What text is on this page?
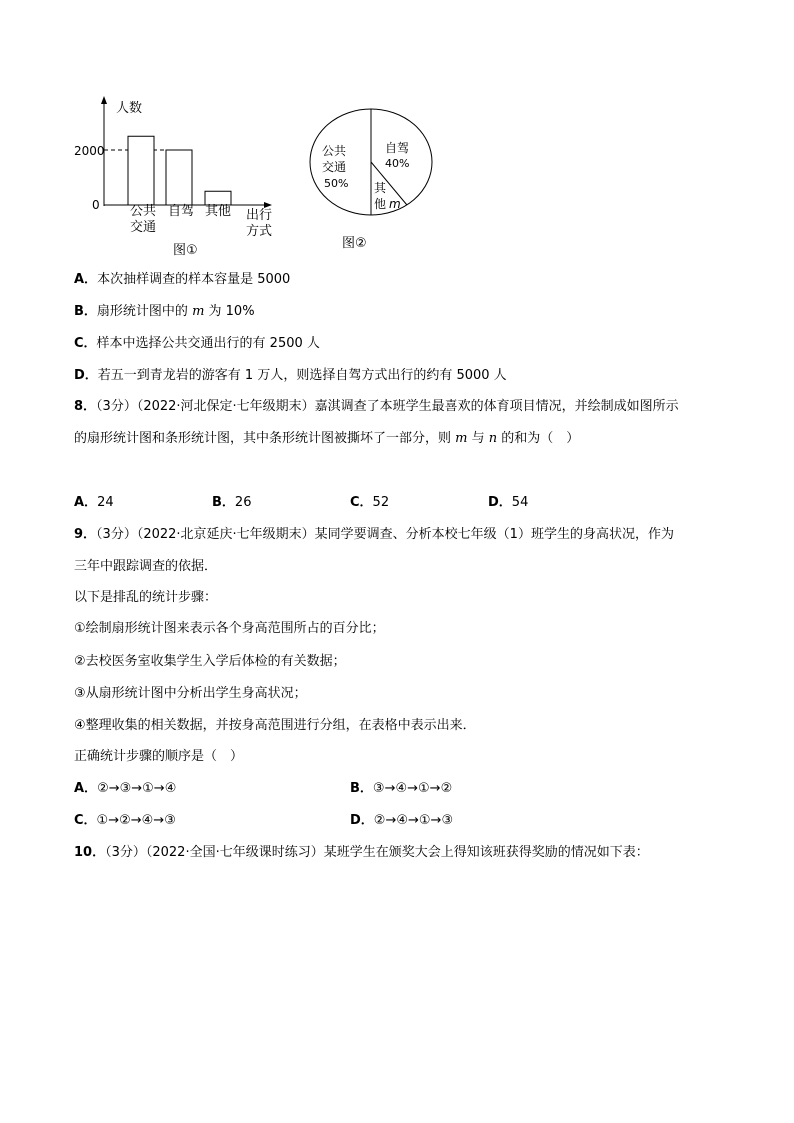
人数
2000
0 公共
交通
自驾 其他 出行
方式
图①
公共
交通
50%
自驾
40%
其
他 m
图②
A．本次抽样调查的样本容量是 5000
B．扇形统计图中的 m 为 10%
C．样本中选择公共交通出行的有 2500 人
D．若五一到青龙岩的游客有 1 万人，则选择自驾方式出行的约有 5000 人
8．（3分）（2022·河北保定·七年级期末）嘉淇调查了本班学生最喜欢的体育项目情况，并绘制成如图所示
的扇形统计图和条形统计图，其中条形统计图被撕坏了一部分，则 m 与 n 的和为（　）
A．24	B．26	C．52	D．54
9．（3分）（2022·北京延庆·七年级期末）某同学要调查、分析本校七年级（1）班学生的身高状况，作为
三年中跟踪调查的依据．
以下是排乱的统计步骤：
①绘制扇形统计图来表示各个身高范围所占的百分比；
②去校医务室收集学生入学后体检的有关数据；
③从扇形统计图中分析出学生身高状况；
④整理收集的相关数据，并按身高范围进行分组，在表格中表示出来．
正确统计步骤的顺序是（　）
A．②→③→①→④	B．③→④→①→②
C．①→②→④→③	D．②→④→①→③
10．（3分）（2022·全国·七年级课时练习）某班学生在颁奖大会上得知该班获得奖励的情况如下表：
